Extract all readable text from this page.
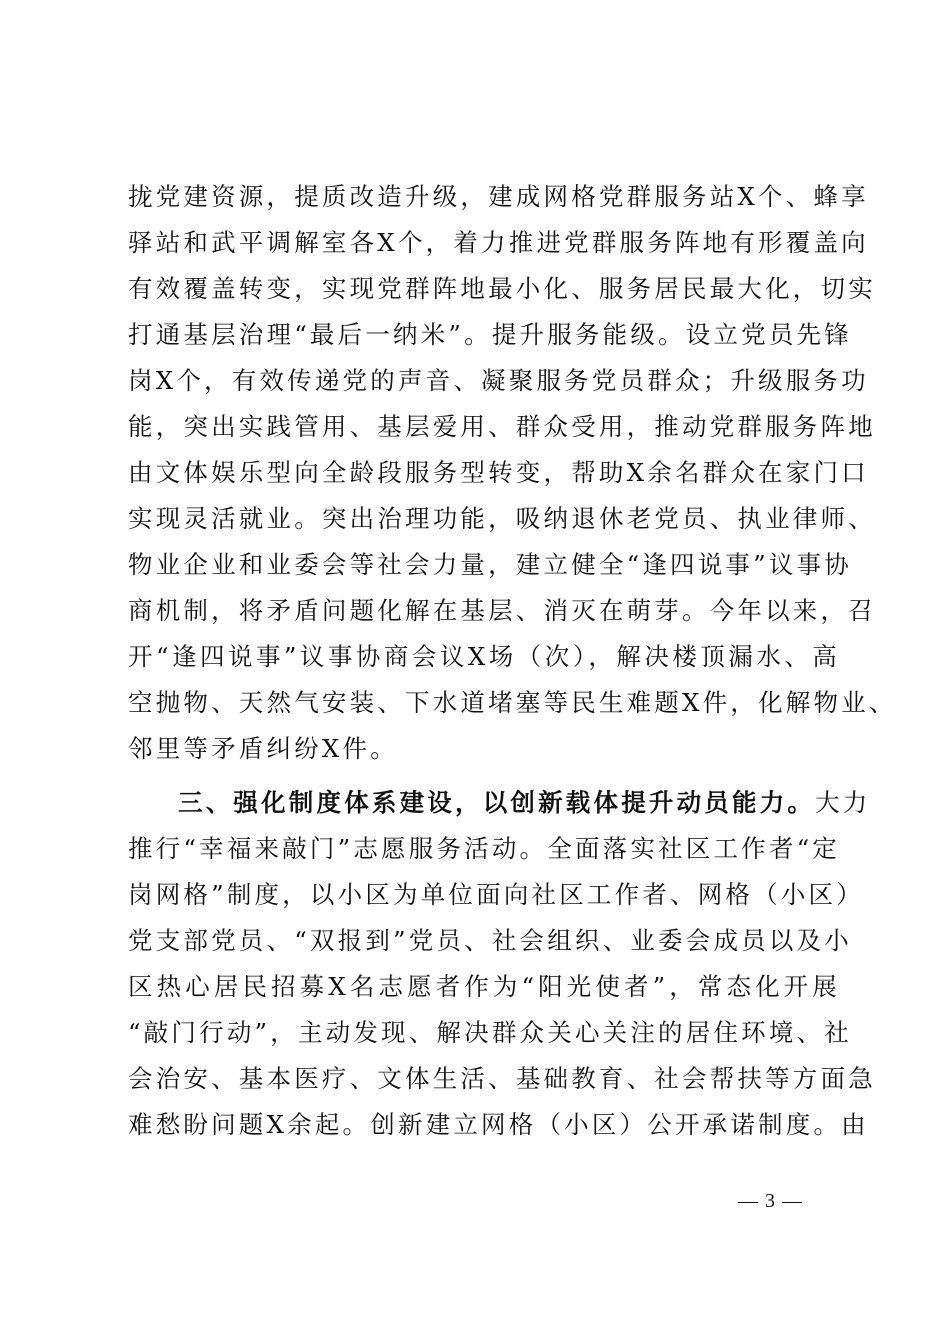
拢党建资源，提质改造升级，建成网格党群服务站X个、蜂享
驿站和武平调解室各X个，着力推进党群服务阵地有形覆盖向
有效覆盖转变，实现党群阵地最小化、服务居民最大化，切实
打通基层治理“最后一纳米”。提升服务能级。设立党员先锋
岗X个，有效传递党的声音、凝聚服务党员群众；升级服务功
能，突出实践管用、基层爱用、群众受用，推动党群服务阵地
由文体娱乐型向全龄段服务型转变，帮助X余名群众在家门口
实现灵活就业。突出治理功能，吸纳退休老党员、执业律师、
物业企业和业委会等社会力量，建立健全“逢四说事”议事协
商机制，将矛盾问题化解在基层、消灭在萌芽。今年以来，召
开“逢四说事”议事协商会议X场（次），解决楼顶漏水、高
空抛物、天然气安装、下水道堵塞等民生难题X件，化解物业、
邻里等矛盾纠纷X件。
三、强化制度体系建设，以创新载体提升动员能力。大力
推行“幸福来敲门”志愿服务活动。全面落实社区工作者“定
岗网格”制度，以小区为单位面向社区工作者、网格（小区）
党支部党员、“双报到”党员、社会组织、业委会成员以及小
区热心居民招募X名志愿者作为“阳光使者”，常态化开展
“敲门行动”，主动发现、解决群众关心关注的居住环境、社
会治安、基本医疗、文体生活、基础教育、社会帮扶等方面急
难愁盼问题X余起。创新建立网格（小区）公开承诺制度。由
— 3 —
